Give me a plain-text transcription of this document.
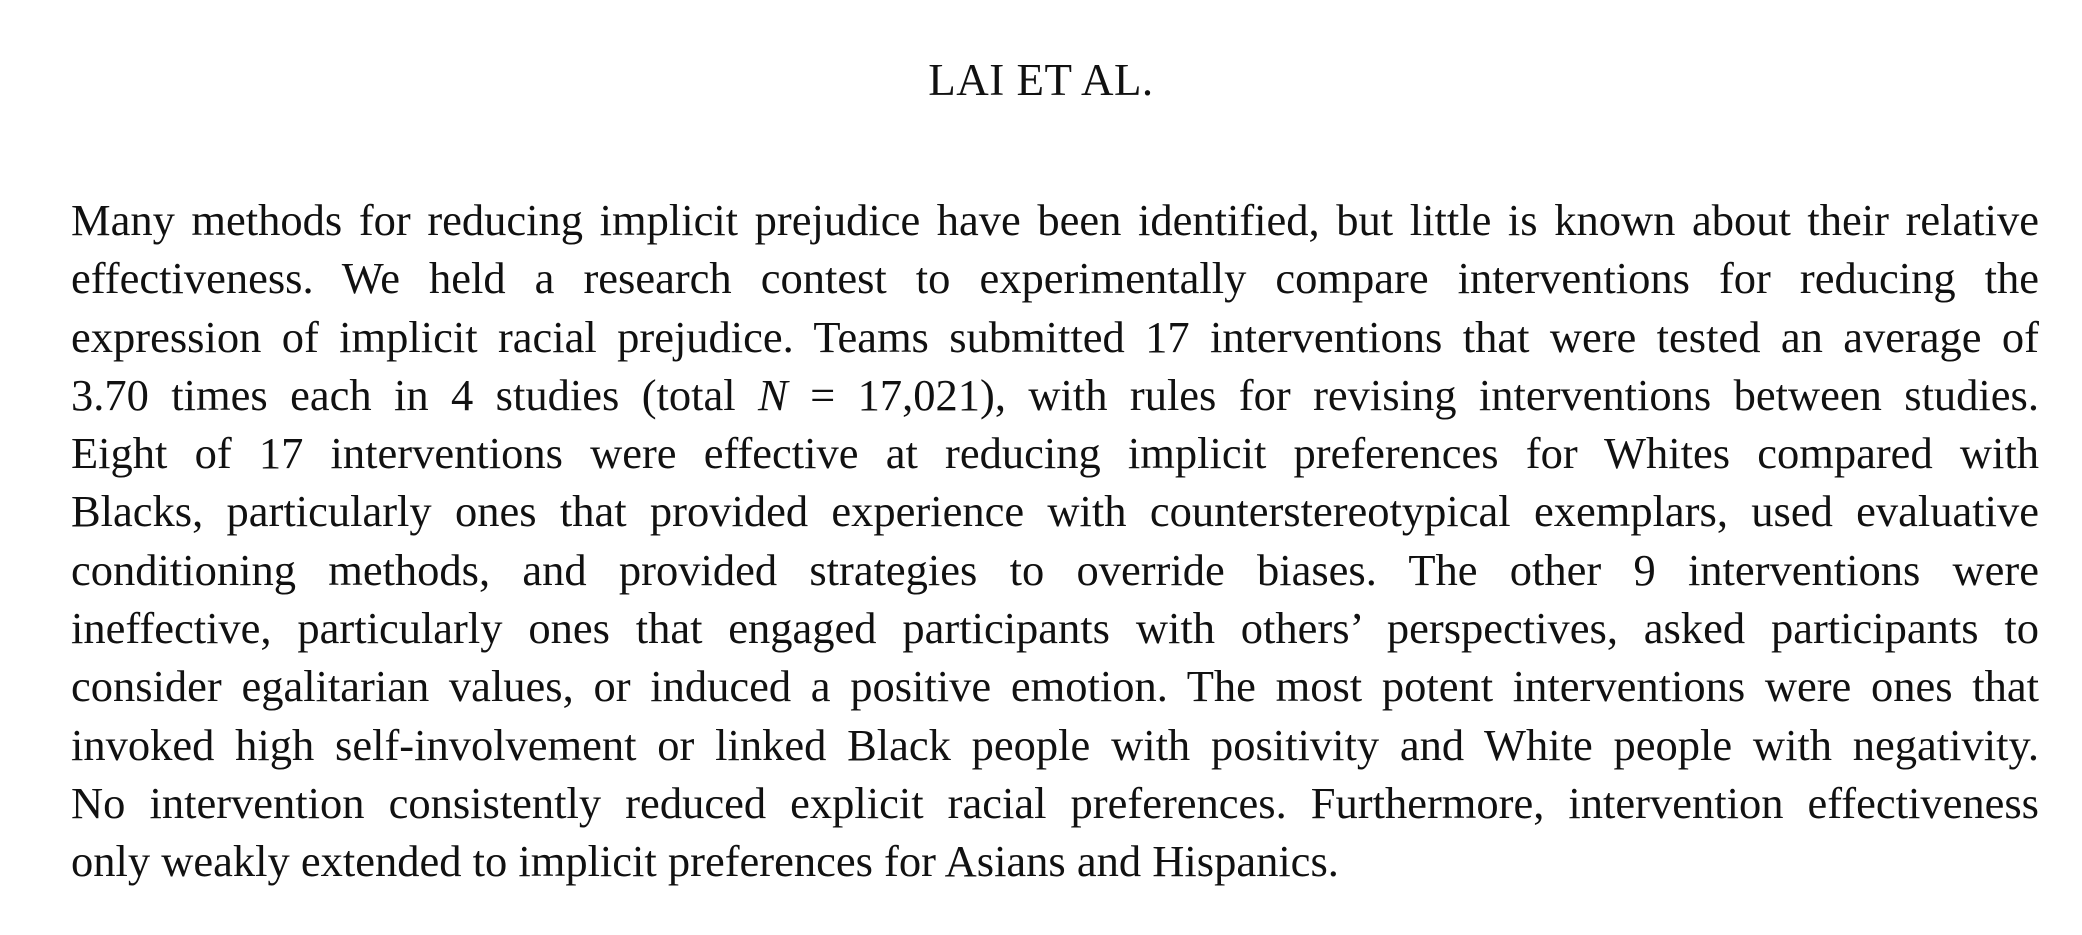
LAI ET AL.
Many methods for reducing implicit prejudice have been identified, but little is known about their relative
effectiveness. We held a research contest to experimentally compare interventions for reducing the
expression of implicit racial prejudice. Teams submitted 17 interventions that were tested an average of
3.70 times each in 4 studies (total N = 17,021), with rules for revising interventions between studies.
Eight of 17 interventions were effective at reducing implicit preferences for Whites compared with
Blacks, particularly ones that provided experience with counterstereotypical exemplars, used evaluative
conditioning methods, and provided strategies to override biases. The other 9 interventions were
ineffective, particularly ones that engaged participants with others’ perspectives, asked participants to
consider egalitarian values, or induced a positive emotion. The most potent interventions were ones that
invoked high self-involvement or linked Black people with positivity and White people with negativity.
No intervention consistently reduced explicit racial preferences. Furthermore, intervention effectiveness
only weakly extended to implicit preferences for Asians and Hispanics.
